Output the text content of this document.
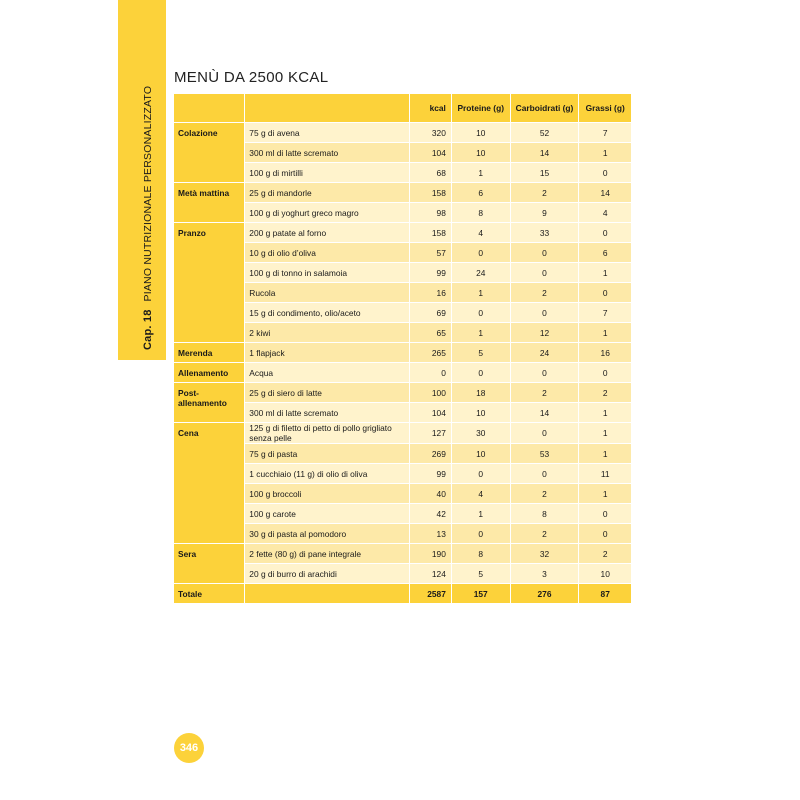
Cap. 18PIANO NUTRIZIONALE PERSONALIZZATO
MENÙ DA 2500 KCAL
		kcal	Proteine (g)	Carboidrati (g)	Grassi (g)
Colazione	75 g di avena	320	10	52	7
	300 ml di latte scremato	104	10	14	1
	100 g di mirtilli	68	1	15	0
Metà mattina	25 g di mandorle	158	6	2	14
	100 g di yoghurt greco magro	98	8	9	4
Pranzo	200 g patate al forno	158	4	33	0
	10 g di olio d’oliva	57	0	0	6
	100 g di tonno in salamoia	99	24	0	1
	Rucola	16	1	2	0
	15 g di condimento, olio/aceto	69	0	0	7
	2 kiwi	65	1	12	1
Merenda	1 flapjack	265	5	24	16
Allenamento	Acqua	0	0	0	0
Post-allenamento	25 g di siero di latte	100	18	2	2
	300 ml di latte scremato	104	10	14	1
Cena	125 g di filetto di petto di pollo grigliato senza pelle	127	30	0	1
	75 g di pasta	269	10	53	1
	1 cucchiaio (11 g) di olio di oliva	99	0	0	11
	100 g broccoli	40	4	2	1
	100 g carote	42	1	8	0
	30 g di pasta al pomodoro	13	0	2	0
Sera	2 fette (80 g) di pane integrale	190	8	32	2
	20 g di burro di arachidi	124	5	3	10
Totale		2587	157	276	87
346
